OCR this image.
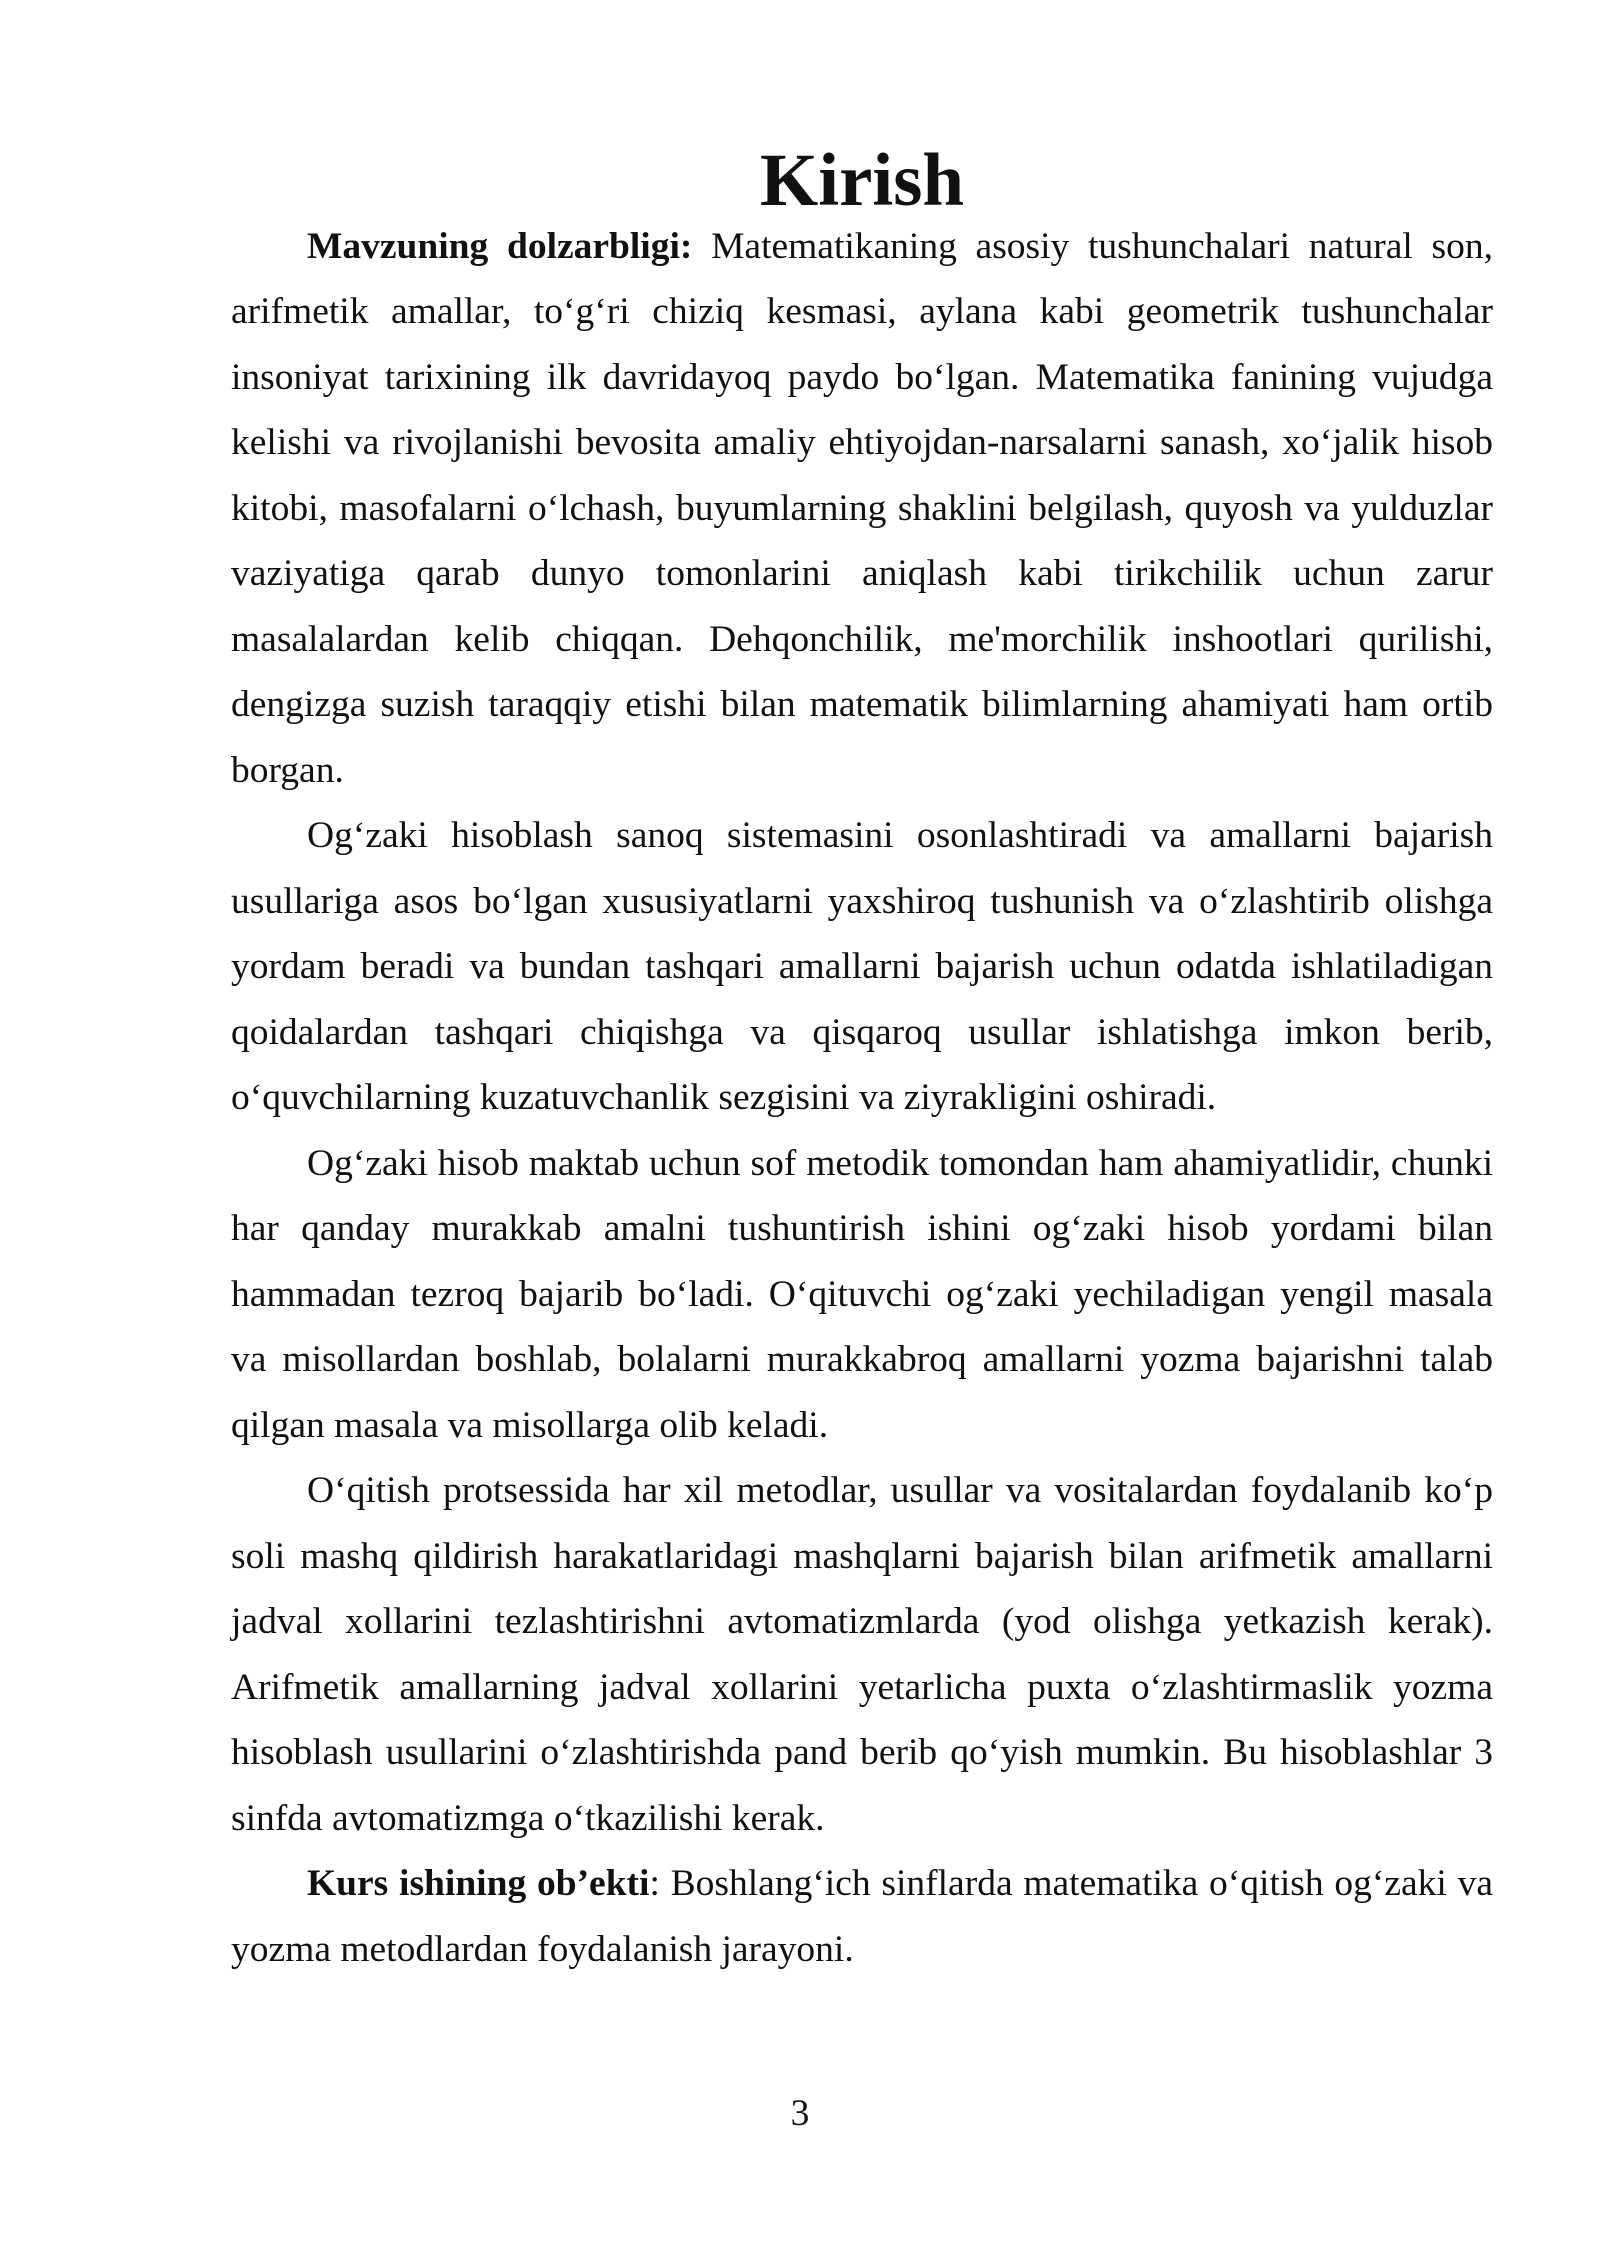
Kirish

Mavzuning dolzarbligi: Matematikaning asosiy tushunchalari natural son, arifmetik amallar, to‘g‘ri chiziq kesmasi, aylana kabi geometrik tushunchalar insoniyat tarixining ilk davridayoq paydo bo‘lgan. Matematika fanining vujudga kelishi va rivojlanishi bevosita amaliy ehtiyojdan-narsalarni sanash, xo‘jalik hisob kitobi, masofalarni o‘lchash, buyumlarning shaklini belgilash, quyosh va yulduzlar vaziyatiga qarab dunyo tomonlarini aniqlash kabi tirikchilik uchun zarur masalalardan kelib chiqqan. Dehqonchilik, me'morchilik inshootlari qurilishi, dengizga suzish taraqqiy etishi bilan matematik bilimlarning ahamiyati ham ortib borgan.

Og‘zaki hisoblash sanoq sistemasini osonlashtiradi va amallarni bajarish usullariga asos bo‘lgan xususiyatlarni yaxshiroq tushunish va o‘zlashtirib olishga yordam beradi va bundan tashqari amallarni bajarish uchun odatda ishlatiladigan qoidalardan tashqari chiqishga va qisqaroq usullar ishlatishga imkon berib, o‘quvchilarning kuzatuvchanlik sezgisini va ziyrakligini oshiradi.

Og‘zaki hisob maktab uchun sof metodik tomondan ham ahamiyatlidir, chunki har qanday murakkab amalni tushuntirish ishini og‘zaki hisob yordami bilan hammadan tezroq bajarib bo‘ladi. O‘qituvchi og‘zaki yechiladigan yengil masala va misollardan boshlab, bolalarni murakkabroq amallarni yozma bajarishni talab qilgan masala va misollarga olib keladi.

O‘qitish protsessida har xil metodlar, usullar va vositalardan foydalanib ko‘p soli mashq qildirish harakatlaridagi mashqlarni bajarish bilan arifmetik amallarni jadval xollarini tezlashtirishni avtomatizmlarda (yod olishga yetkazish kerak). Arifmetik amallarning jadval xollarini yetarlicha puxta o‘zlashtirmaslik yozma hisoblash usullarini o‘zlashtirishda pand berib qo‘yish mumkin. Bu hisoblashlar 3 sinfda avtomatizmga o‘tkazilishi kerak.

Kurs ishining ob’ekti: Boshlang‘ich sinflarda matematika o‘qitish og‘zaki va yozma metodlardan foydalanish jarayoni.

3
